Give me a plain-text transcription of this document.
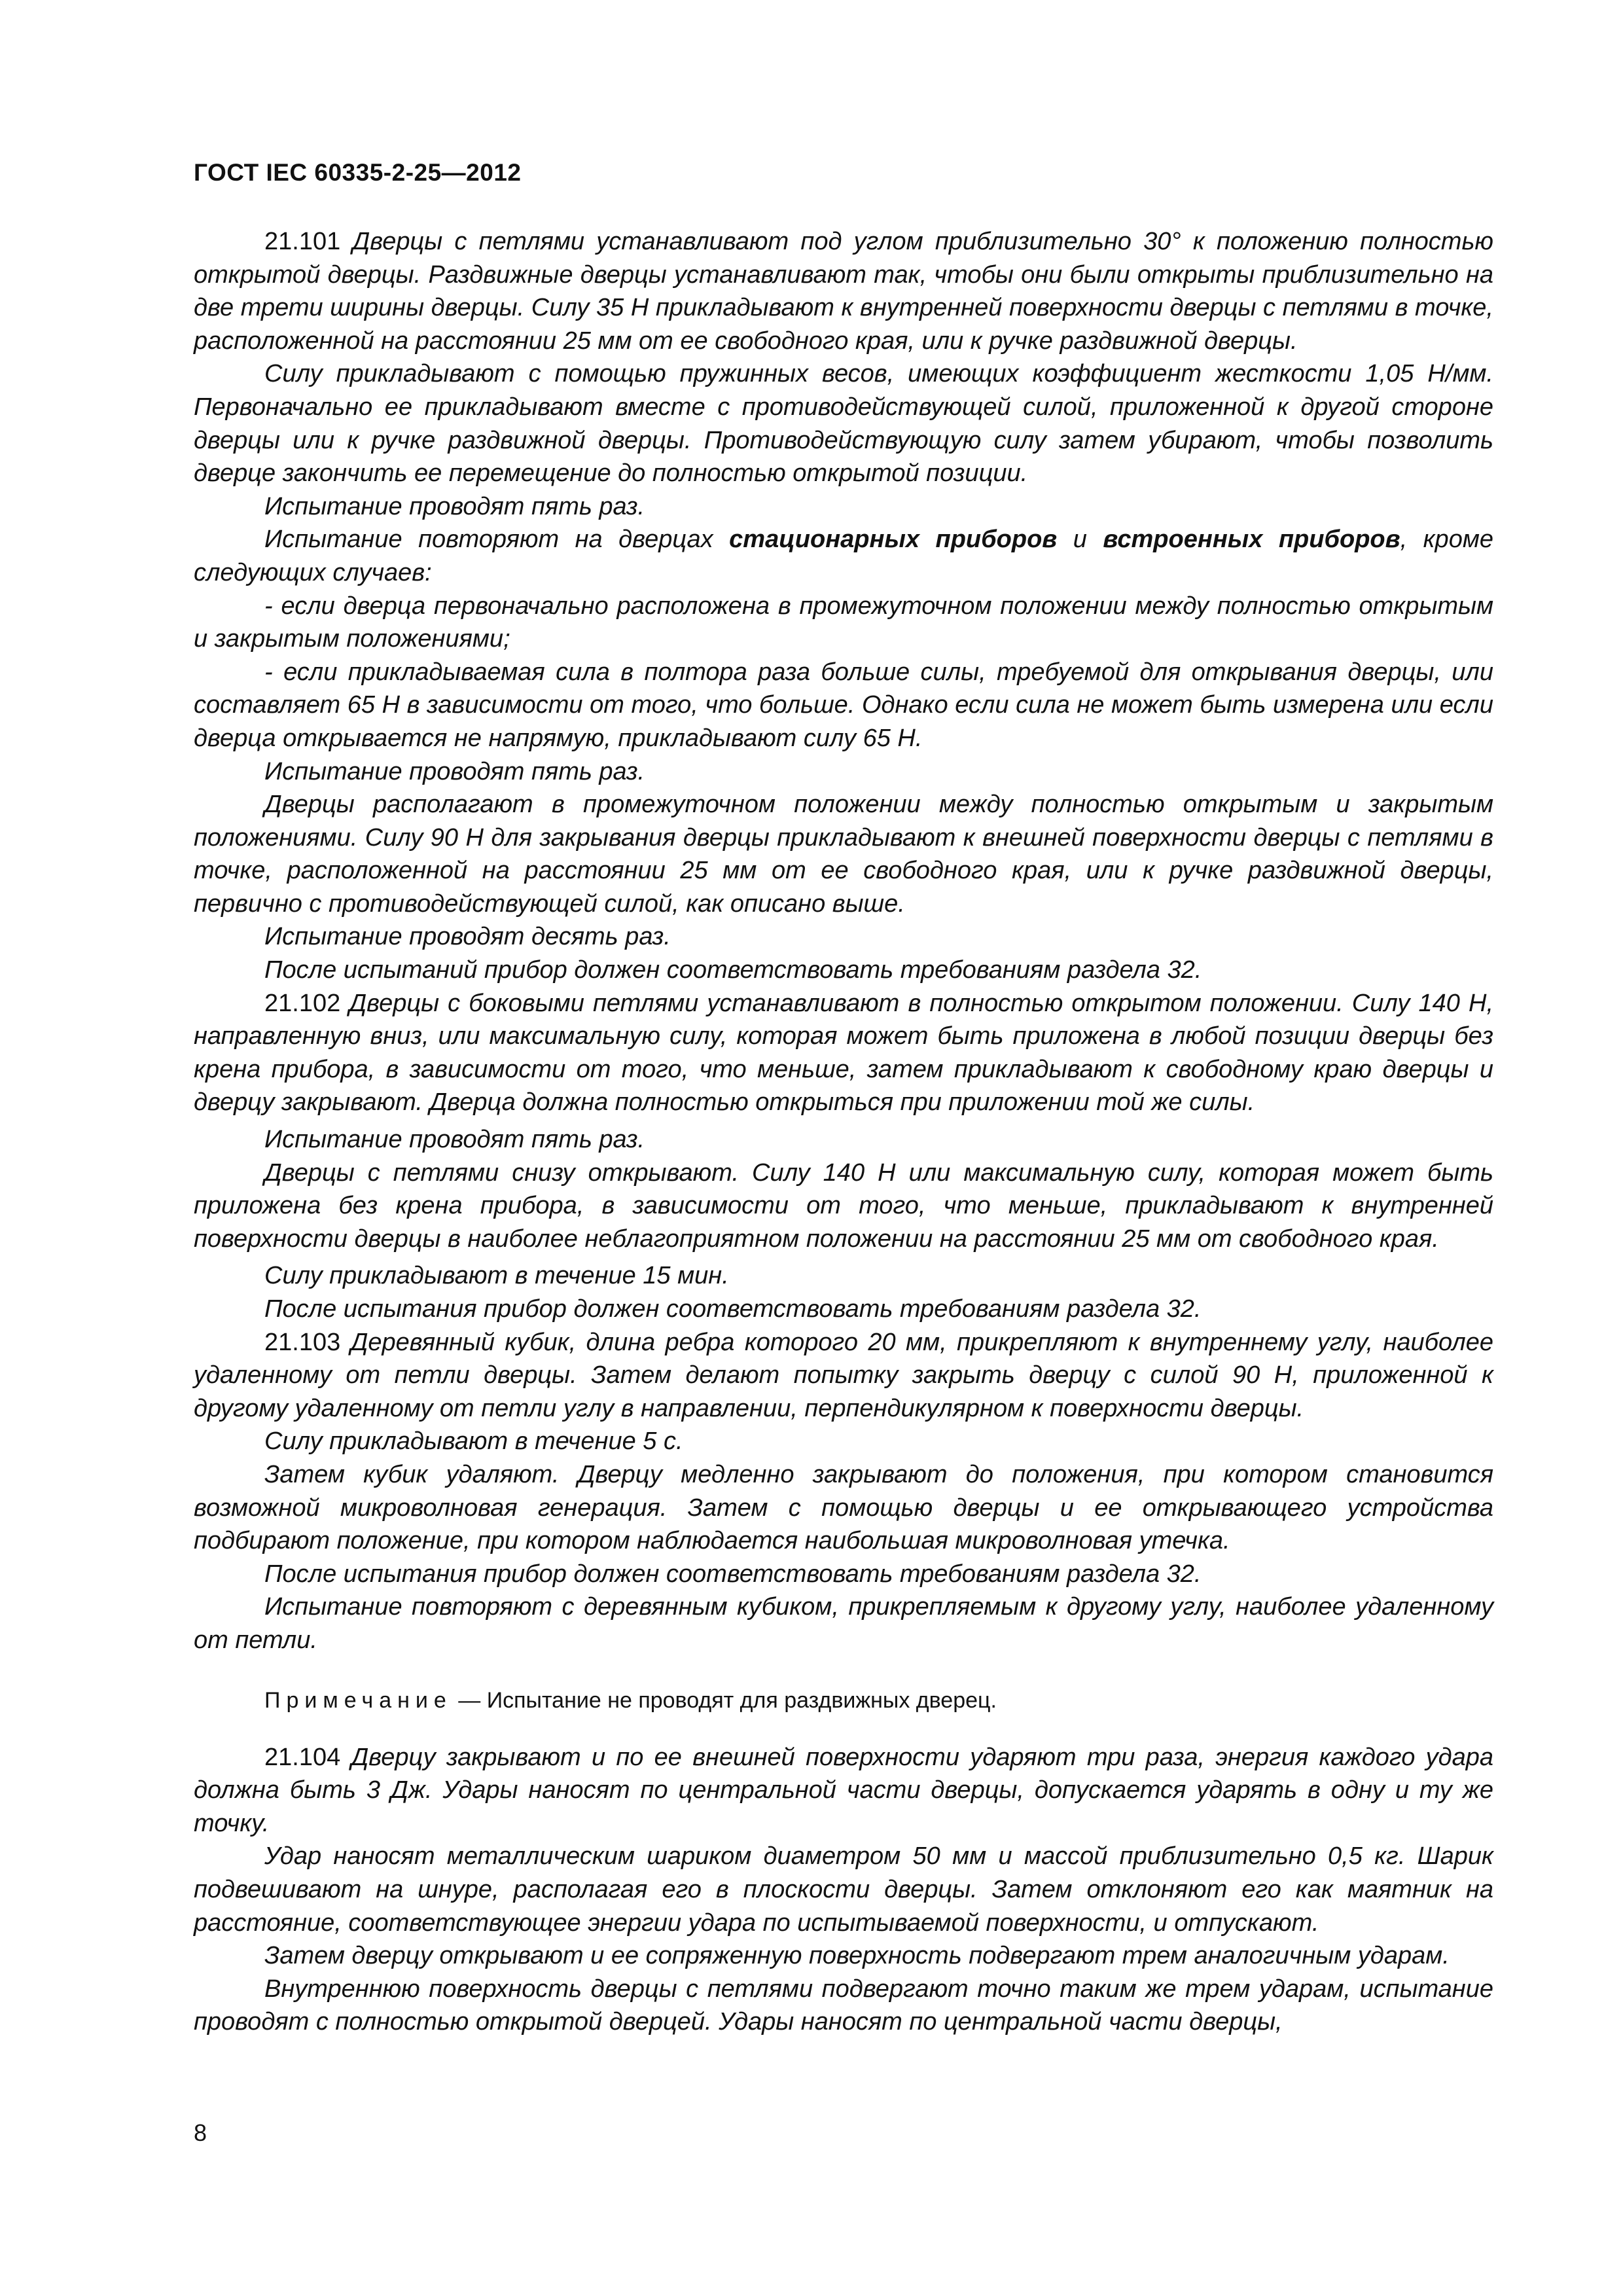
ГОСТ IEC 60335-2-25—2012

21.101 Дверцы с петлями устанавливают под углом приблизительно 30° к положению полностью открытой дверцы. Раздвижные дверцы устанавливают так, чтобы они были открыты приблизительно на две трети ширины дверцы. Силу 35 Н прикладывают к внутренней поверхности дверцы с петлями в точке, расположенной на расстоянии 25 мм от ее свободного края, или к ручке раздвижной дверцы.

Силу прикладывают с помощью пружинных весов, имеющих коэффициент жесткости 1,05 Н/мм. Первоначально ее прикладывают вместе с противодействующей силой, приложенной к другой стороне дверцы или к ручке раздвижной дверцы. Противодействующую силу затем убирают, чтобы позволить дверце закончить ее перемещение до полностью открытой позиции.

Испытание проводят пять раз.

Испытание повторяют на дверцах стационарных приборов и встроенных приборов, кроме следующих случаев:

- если дверца первоначально расположена в промежуточном положении между полностью открытым и закрытым положениями;

- если прикладываемая сила в полтора раза больше силы, требуемой для открывания дверцы, или составляет 65 Н в зависимости от того, что больше. Однако если сила не может быть измерена или если дверца открывается не напрямую, прикладывают силу 65 Н.

Испытание проводят пять раз.

Дверцы располагают в промежуточном положении между полностью открытым и закрытым положениями. Силу 90 Н для закрывания дверцы прикладывают к внешней поверхности дверцы с петлями в точке, расположенной на расстоянии 25 мм от ее свободного края, или к ручке раздвижной дверцы, первично с противодействующей силой, как описано выше.

Испытание проводят десять раз.

После испытаний прибор должен соответствовать требованиям раздела 32.

21.102 Дверцы с боковыми петлями устанавливают в полностью открытом положении. Силу 140 Н, направленную вниз, или максимальную силу, которая может быть приложена в любой позиции дверцы без крена прибора, в зависимости от того, что меньше, затем прикладывают к свободному краю дверцы и дверцу закрывают. Дверца должна полностью открыться при приложении той же силы.

Испытание проводят пять раз.

Дверцы с петлями снизу открывают. Силу 140 Н или максимальную силу, которая может быть приложена без крена прибора, в зависимости от того, что меньше, прикладывают к внутренней поверхности дверцы в наиболее неблагоприятном положении на расстоянии 25 мм от свободного края.

Силу прикладывают в течение 15 мин.

После испытания прибор должен соответствовать требованиям раздела 32.

21.103 Деревянный кубик, длина ребра которого 20 мм, прикрепляют к внутреннему углу, наиболее удаленному от петли дверцы. Затем делают попытку закрыть дверцу с силой 90 Н, приложенной к другому удаленному от петли углу в направлении, перпендикулярном к поверхности дверцы.

Силу прикладывают в течение 5 с.

Затем кубик удаляют. Дверцу медленно закрывают до положения, при котором становится возможной микроволновая генерация. Затем с помощью дверцы и ее открывающего устройства подбирают положение, при котором наблюдается наибольшая микроволновая утечка.

После испытания прибор должен соответствовать требованиям раздела 32.

Испытание повторяют с деревянным кубиком, прикрепляемым к другому углу, наиболее удаленному от петли.

Примечание — Испытание не проводят для раздвижных дверец.

21.104 Дверцу закрывают и по ее внешней поверхности ударяют три раза, энергия каждого удара должна быть 3 Дж. Удары наносят по центральной части дверцы, допускается ударять в одну и ту же точку.

Удар наносят металлическим шариком диаметром 50 мм и массой приблизительно 0,5 кг. Шарик подвешивают на шнуре, располагая его в плоскости дверцы. Затем отклоняют его как маятник на расстояние, соответствующее энергии удара по испытываемой поверхности, и отпускают.

Затем дверцу открывают и ее сопряженную поверхность подвергают трем аналогичным ударам.

Внутреннюю поверхность дверцы с петлями подвергают точно таким же трем ударам, испытание проводят с полностью открытой дверцей. Удары наносят по центральной части дверцы,

8
